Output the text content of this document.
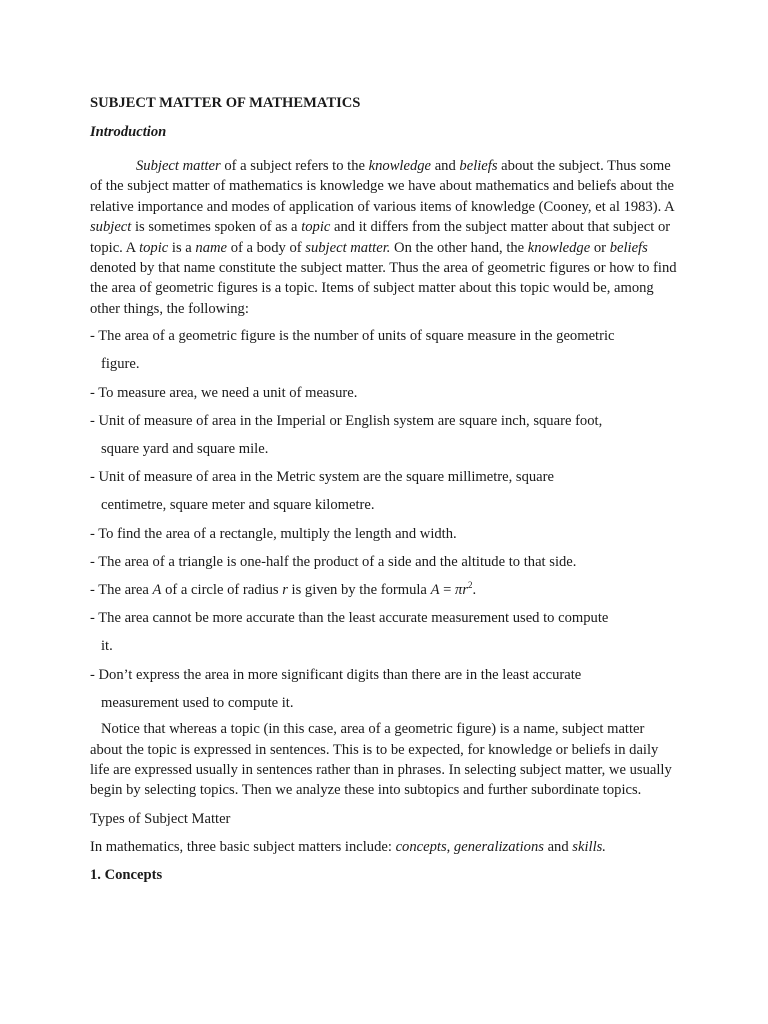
SUBJECT MATTER OF MATHEMATICS
Introduction

Subject matter of a subject refers to the knowledge and beliefs about the subject. Thus some of the subject matter of mathematics is knowledge we have about mathematics and beliefs about the relative importance and modes of application of various items of knowledge (Cooney, et al 1983). A subject is sometimes spoken of as a topic and it differs from the subject matter about that subject or topic. A topic is a name of a body of subject matter. On the other hand, the knowledge or beliefs denoted by that name constitute the subject matter. Thus the area of geometric figures or how to find the area of geometric figures is a topic. Items of subject matter about this topic would be, among other things, the following:

- The area of a geometric figure is the number of units of square measure in the geometric
figure.
- To measure area, we need a unit of measure.
- Unit of measure of area in the Imperial or English system are square inch, square foot,
square yard and square mile.
- Unit of measure of area in the Metric system are the square millimetre, square
centimetre, square meter and square kilometre.
- To find the area of a rectangle, multiply the length and width.
- The area of a triangle is one-half the product of a side and the altitude to that side.
- The area A of a circle of radius r is given by the formula $A = \pi r^2$.
- The area cannot be more accurate than the least accurate measurement used to compute
it.
- Don’t express the area in more significant digits than there are in the least accurate
measurement used to compute it.

Notice that whereas a topic (in this case, area of a geometric figure) is a name, subject matter about the topic is expressed in sentences. This is to be expected, for knowledge or beliefs in daily life are expressed usually in sentences rather than in phrases. In selecting subject matter, we usually begin by selecting topics. Then we analyze these into subtopics and further subordinate topics.

Types of Subject Matter

In mathematics, three basic subject matters include: concepts, generalizations and skills.

1. Concepts
